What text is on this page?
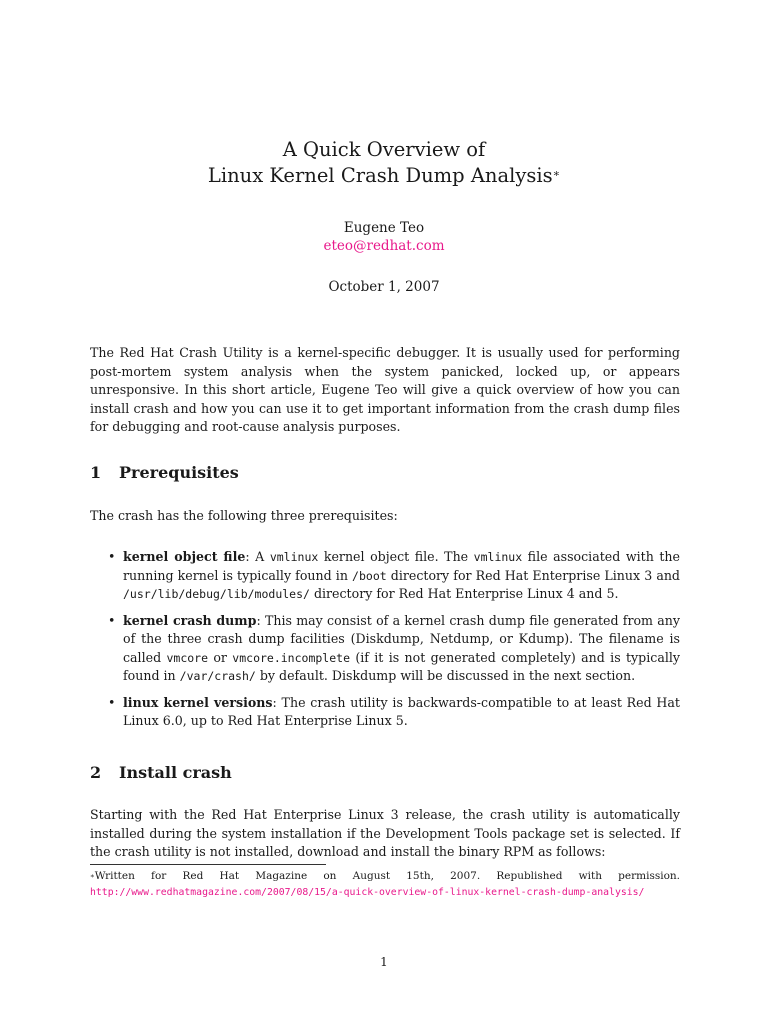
A Quick Overview of
Linux Kernel Crash Dump Analysis∗
Eugene Teo
eteo@redhat.com
October 1, 2007
The Red Hat Crash Utility is a kernel-specific debugger. It is usually used for performing post-mortem system analysis when the system panicked, locked up, or appears unresponsive. In this short article, Eugene Teo will give a quick overview of how you can install crash and how you can use it to get important information from the crash dump files for debugging and root-cause analysis purposes.
1 Prerequisites
The crash has the following three prerequisites:
• kernel object file: A vmlinux kernel object file. The vmlinux file associated with the running kernel is typically found in /boot directory for Red Hat Enterprise Linux 3 and /usr/lib/debug/lib/modules/ directory for Red Hat Enterprise Linux 4 and 5.
• kernel crash dump: This may consist of a kernel crash dump file generated from any of the three crash dump facilities (Diskdump, Netdump, or Kdump). The filename is called vmcore or vmcore.incomplete (if it is not generated completely) and is typically found in /var/crash/ by default. Diskdump will be discussed in the next section.
• linux kernel versions: The crash utility is backwards-compatible to at least Red Hat Linux 6.0, up to Red Hat Enterprise Linux 5.
2 Install crash
Starting with the Red Hat Enterprise Linux 3 release, the crash utility is automatically installed during the system installation if the Development Tools package set is selected. If the crash utility is not installed, download and install the binary RPM as follows:
∗Written for Red Hat Magazine on August 15th, 2007. Republished with permission. http://www.redhatmagazine.com/2007/08/15/a-quick-overview-of-linux-kernel-crash-dump-analysis/
1
